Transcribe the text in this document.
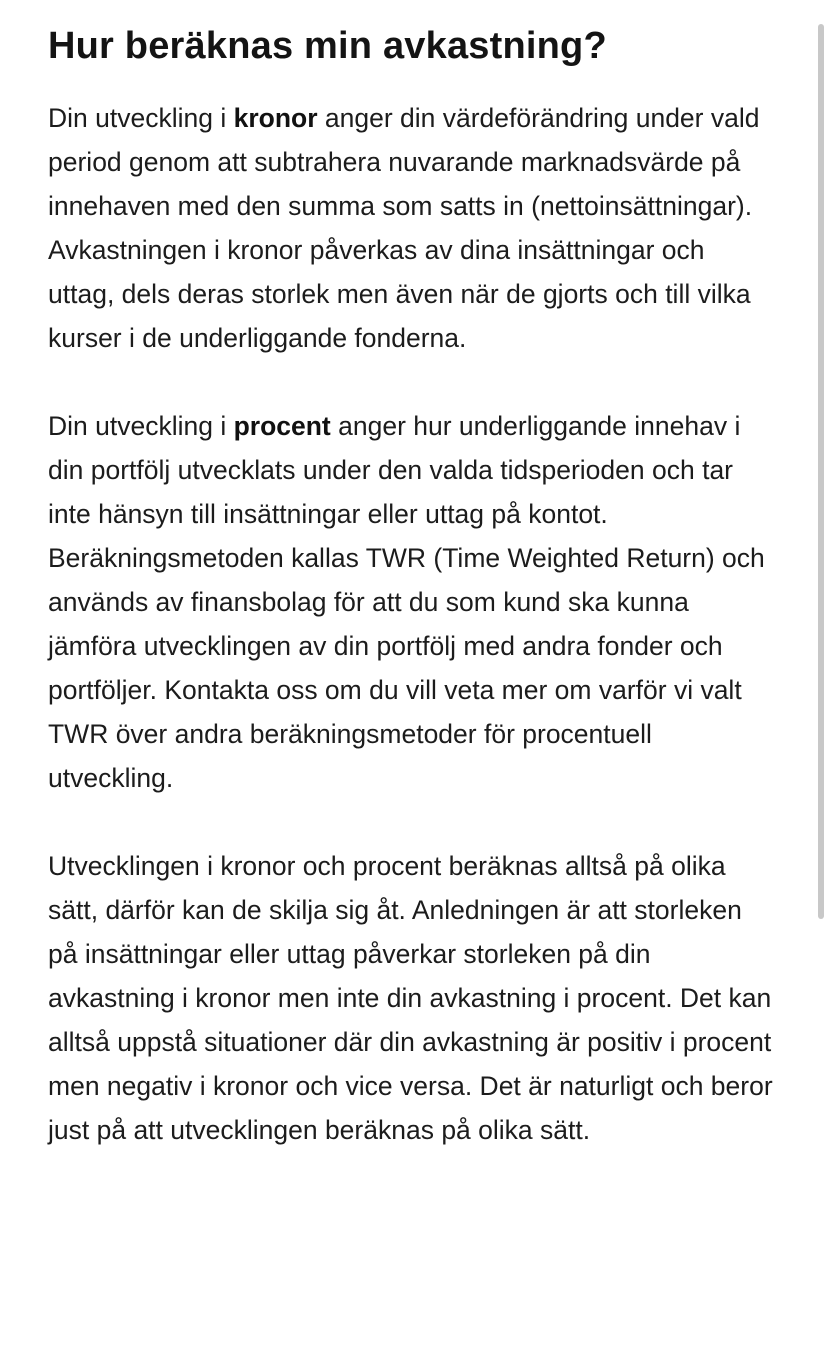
Hur beräknas min avkastning?

Din utveckling i kronor anger din värdeförändring under vald period genom att subtrahera nuvarande marknadsvärde på innehaven med den summa som satts in (nettoinsättningar). Avkastningen i kronor påverkas av dina insättningar och uttag, dels deras storlek men även när de gjorts och till vilka kurser i de underliggande fonderna.

Din utveckling i procent anger hur underliggande innehav i din portfölj utvecklats under den valda tidsperioden och tar inte hänsyn till insättningar eller uttag på kontot. Beräkningsmetoden kallas TWR (Time Weighted Return) och används av finansbolag för att du som kund ska kunna jämföra utvecklingen av din portfölj med andra fonder och portföljer. Kontakta oss om du vill veta mer om varför vi valt TWR över andra beräkningsmetoder för procentuell utveckling.

Utvecklingen i kronor och procent beräknas alltså på olika sätt, därför kan de skilja sig åt. Anledningen är att storleken på insättningar eller uttag påverkar storleken på din avkastning i kronor men inte din avkastning i procent. Det kan alltså uppstå situationer där din avkastning är positiv i procent men negativ i kronor och vice versa. Det är naturligt och beror just på att utvecklingen beräknas på olika sätt.
